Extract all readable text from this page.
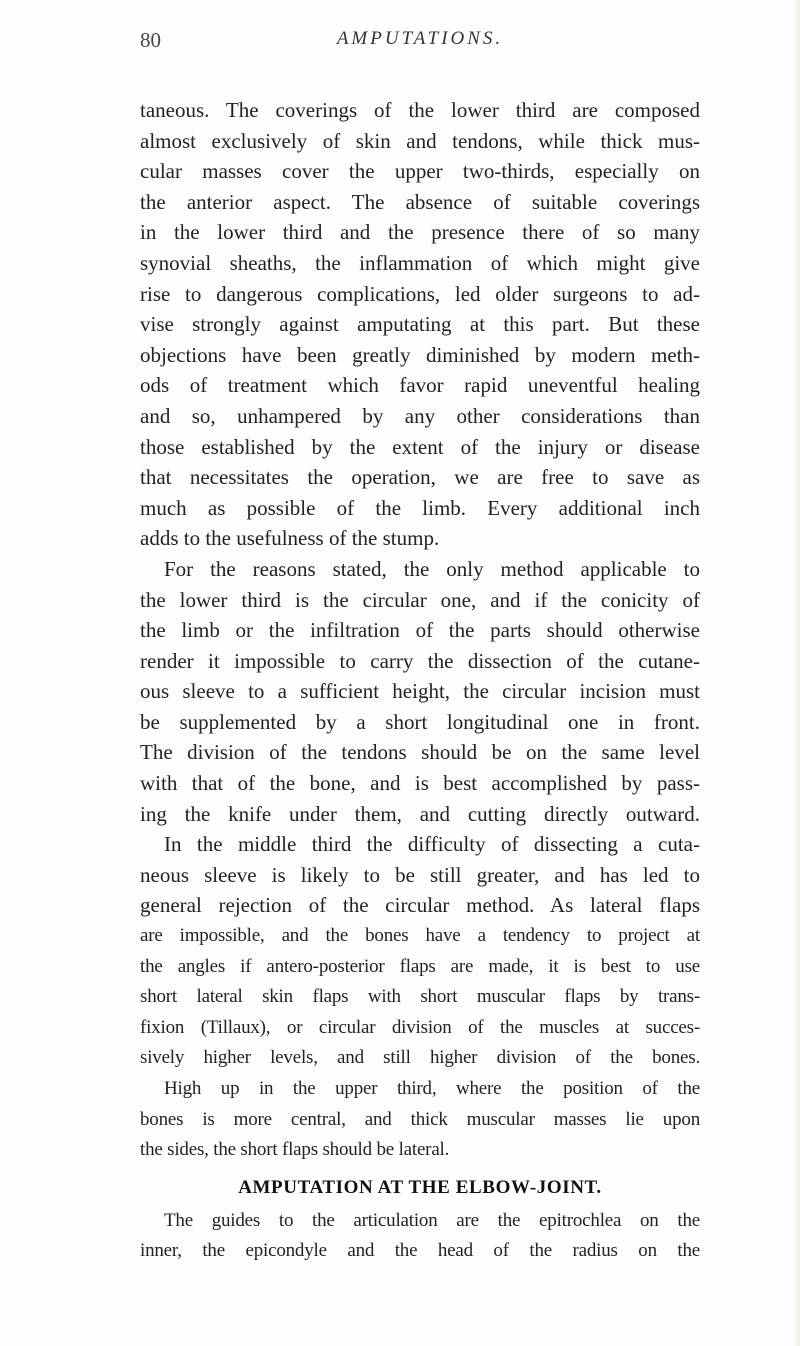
80	AMPUTATIONS.
taneous. The coverings of the lower third are composed
almost exclusively of skin and tendons, while thick mus-
cular masses cover the upper two-thirds, especially on
the anterior aspect. The absence of suitable coverings
in the lower third and the presence there of so many
synovial sheaths, the inflammation of which might give
rise to dangerous complications, led older surgeons to ad-
vise strongly against amputating at this part. But these
objections have been greatly diminished by modern meth-
ods of treatment which favor rapid uneventful healing
and so, unhampered by any other considerations than
those established by the extent of the injury or disease
that necessitates the operation, we are free to save as
much as possible of the limb. Every additional inch
adds to the usefulness of the stump.
For the reasons stated, the only method applicable to
the lower third is the circular one, and if the conicity of
the limb or the infiltration of the parts should otherwise
render it impossible to carry the dissection of the cutane-
ous sleeve to a sufficient height, the circular incision must
be supplemented by a short longitudinal one in front.
The division of the tendons should be on the same level
with that of the bone, and is best accomplished by pass-
ing the knife under them, and cutting directly outward.
In the middle third the difficulty of dissecting a cuta-
neous sleeve is likely to be still greater, and has led to
general rejection of the circular method. As lateral flaps
are impossible, and the bones have a tendency to project at
the angles if antero-posterior flaps are made, it is best to use
short lateral skin flaps with short muscular flaps by trans-
fixion (Tillaux), or circular division of the muscles at succes-
sively higher levels, and still higher division of the bones.
High up in the upper third, where the position of the
bones is more central, and thick muscular masses lie upon
the sides, the short flaps should be lateral.
AMPUTATION AT THE ELBOW-JOINT.
The guides to the articulation are the epitrochlea on the
inner, the epicondyle and the head of the radius on the
